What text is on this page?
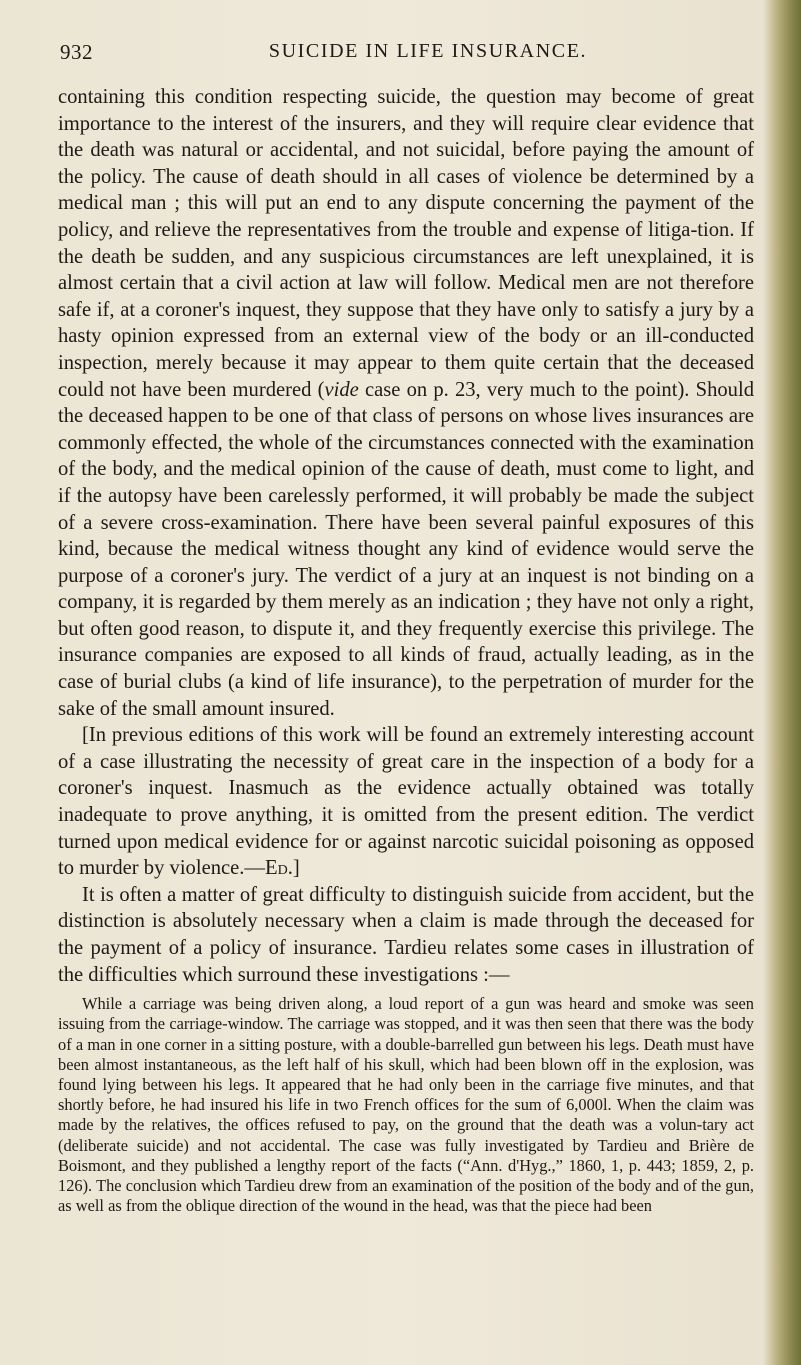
932	SUICIDE IN LIFE INSURANCE.

containing this condition respecting suicide, the question may become of great importance to the interest of the insurers, and they will require clear evidence that the death was natural or accidental, and not suicidal, before paying the amount of the policy. The cause of death should in all cases of violence be determined by a medical man ; this will put an end to any dispute concerning the payment of the policy, and relieve the representatives from the trouble and expense of litiga-tion. If the death be sudden, and any suspicious circumstances are left unexplained, it is almost certain that a civil action at law will follow. Medical men are not therefore safe if, at a coroner's inquest, they suppose that they have only to satisfy a jury by a hasty opinion expressed from an external view of the body or an ill-conducted inspection, merely because it may appear to them quite certain that the deceased could not have been murdered (vide case on p. 23, very much to the point). Should the deceased happen to be one of that class of persons on whose lives insurances are commonly effected, the whole of the circumstances connected with the examination of the body, and the medical opinion of the cause of death, must come to light, and if the autopsy have been carelessly performed, it will probably be made the subject of a severe cross-examination. There have been several painful exposures of this kind, because the medical witness thought any kind of evidence would serve the purpose of a coroner's jury. The verdict of a jury at an inquest is not binding on a company, it is regarded by them merely as an indication ; they have not only a right, but often good reason, to dispute it, and they frequently exercise this privilege. The insurance companies are exposed to all kinds of fraud, actually leading, as in the case of burial clubs (a kind of life insurance), to the perpetration of murder for the sake of the small amount insured.

[In previous editions of this work will be found an extremely interesting account of a case illustrating the necessity of great care in the inspection of a body for a coroner's inquest. Inasmuch as the evidence actually obtained was totally inadequate to prove anything, it is omitted from the present edition. The verdict turned upon medical evidence for or against narcotic suicidal poisoning as opposed to murder by violence.—Ed.]

It is often a matter of great difficulty to distinguish suicide from accident, but the distinction is absolutely necessary when a claim is made through the deceased for the payment of a policy of insurance. Tardieu relates some cases in illustration of the difficulties which surround these investigations :—

While a carriage was being driven along, a loud report of a gun was heard and smoke was seen issuing from the carriage-window. The carriage was stopped, and it was then seen that there was the body of a man in one corner in a sitting posture, with a double-barrelled gun between his legs. Death must have been almost instantaneous, as the left half of his skull, which had been blown off in the explosion, was found lying between his legs. It appeared that he had only been in the carriage five minutes, and that shortly before, he had insured his life in two French offices for the sum of 6,000l. When the claim was made by the relatives, the offices refused to pay, on the ground that the death was a volun-tary act (deliberate suicide) and not accidental. The case was fully investigated by Tardieu and Brière de Boismont, and they published a lengthy report of the facts (“Ann. d'Hyg.,” 1860, 1, p. 443; 1859, 2, p. 126). The conclusion which Tardieu drew from an examination of the position of the body and of the gun, as well as from the oblique direction of the wound in the head, was that the piece had been
